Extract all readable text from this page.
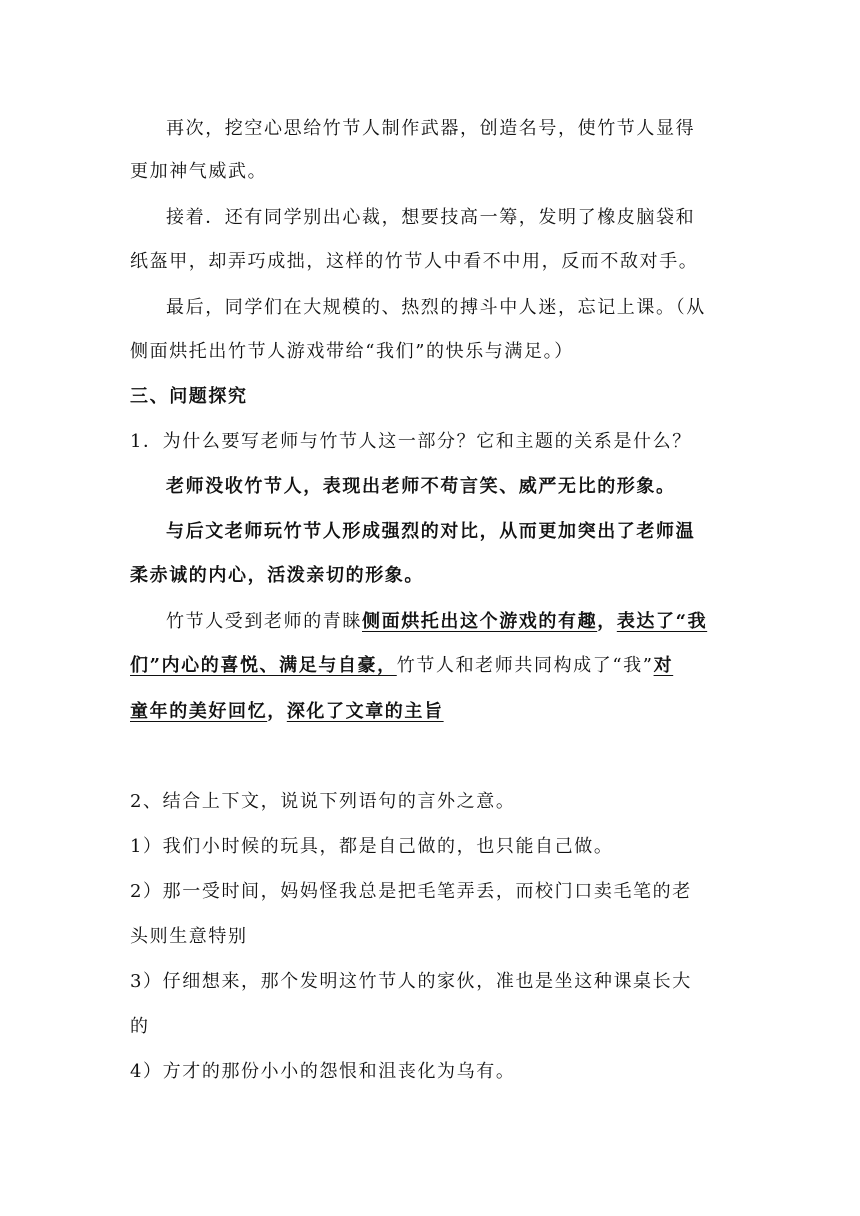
再次，挖空心思给竹节人制作武器，创造名号，使竹节人显得
更加神气威武。
接着．还有同学别出心裁，想要技高一筹，发明了橡皮脑袋和
纸盔甲，却弄巧成拙，这样的竹节人中看不中用，反而不敌对手。
最后，同学们在大规模的、热烈的搏斗中人迷，忘记上课。（从
侧面烘托出竹节人游戏带给“我们”的快乐与满足。）
三、问题探究
1．为什么要写老师与竹节人这一部分？它和主题的关系是什么？
老师没收竹节人，表现出老师不苟言笑、威严无比的形象。
与后文老师玩竹节人形成强烈的对比，从而更加突出了老师温
柔赤诚的内心，活泼亲切的形象。
竹节人受到老师的青睐侧面烘托出这个游戏的有趣，表达了“我
们”内心的喜悦、满足与自豪，竹节人和老师共同构成了“我”对
童年的美好回忆，深化了文章的主旨
2、结合上下文，说说下列语句的言外之意。
1）我们小时候的玩具，都是自己做的，也只能自己做。
2）那一受时间，妈妈怪我总是把毛笔弄丢，而校门口卖毛笔的老
头则生意特别
3）仔细想来，那个发明这竹节人的家伙，准也是坐这种课桌长大
的
4）方才的那份小小的怨恨和沮丧化为乌有。
